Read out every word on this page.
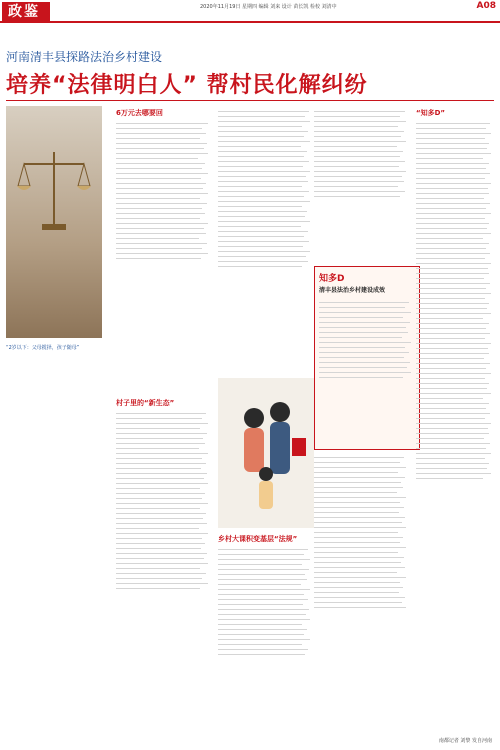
政鉴	2020年11月19日 星期四 编辑 刘来 设计 苗长凯 检校 刘清中	A08
河南清丰县探路法治乡村建设
培养“法律明白人” 帮村民化解纠纷
“2岁以下：父母揽择，孩子随母”
6万元去哪要回
村子里的“新生态”
乡村大课积变基层“法规”
知多D
清丰县法治乡村建设成效
“知多D”
南都记者 刘黎 发自河南
